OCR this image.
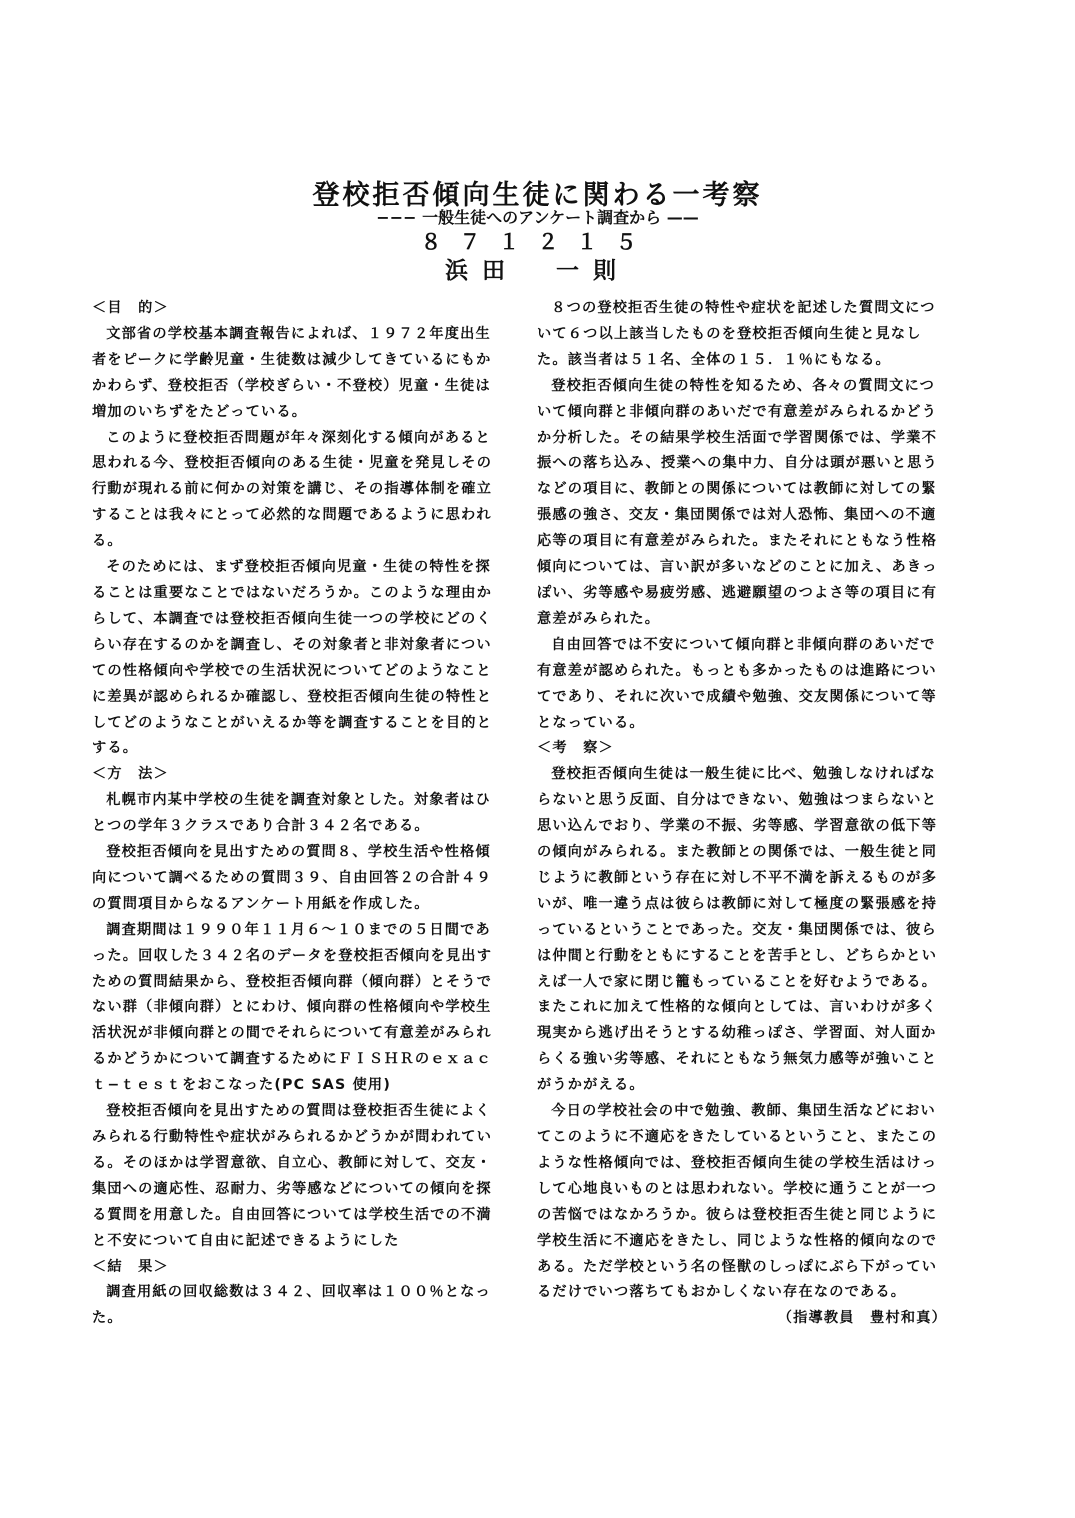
登校拒否傾向生徒に関わる一考察
−−− 一般生徒へのアンケート調査から ——
８７１２１５
浜田　一則

＜目　的＞

文部省の学校基本調査報告によれば、１９７２年度出生者をピークに学齢児童・生徒数は減少してきているにもかかわらず、登校拒否（学校ぎらい・不登校）児童・生徒は増加のいちずをたどっている。

このように登校拒否問題が年々深刻化する傾向があると思われる今、登校拒否傾向のある生徒・児童を発見しその行動が現れる前に何かの対策を講じ、その指導体制を確立することは我々にとって必然的な問題であるように思われる。

そのためには、まず登校拒否傾向児童・生徒の特性を探ることは重要なことではないだろうか。このような理由からして、本調査では登校拒否傾向生徒一つの学校にどのくらい存在するのかを調査し、その対象者と非対象者についての性格傾向や学校での生活状況についてどのようなことに差異が認められるか確認し、登校拒否傾向生徒の特性としてどのようなことがいえるか等を調査することを目的とする。

＜方　法＞

札幌市内某中学校の生徒を調査対象とした。対象者はひとつの学年３クラスであり合計３４２名である。

登校拒否傾向を見出すための質問８、学校生活や性格傾向について調べるための質問３９、自由回答２の合計４９の質問項目からなるアンケート用紙を作成した。

調査期間は１９９０年１１月６〜１０までの５日間であった。回収した３４２名のデータを登校拒否傾向を見出すための質問結果から、登校拒否傾向群（傾向群）とそうでない群（非傾向群）とにわけ、傾向群の性格傾向や学校生活状況が非傾向群との間でそれらについて有意差がみられるかどうかについて調査するためにＦＩＳＨＲのｅｘａｃｔ−ｔｅｓｔをおこなった(PC SAS 使用)

登校拒否傾向を見出すための質問は登校拒否生徒によくみられる行動特性や症状がみられるかどうかが問われている。そのほかは学習意欲、自立心、教師に対して、交友・集団への適応性、忍耐力、劣等感などについての傾向を探る質問を用意した。自由回答については学校生活での不満と不安について自由に記述できるようにした

＜結　果＞

調査用紙の回収総数は３４２、回収率は１００％となった。

８つの登校拒否生徒の特性や症状を記述した質問文について６つ以上該当したものを登校拒否傾向生徒と見なした。該当者は５１名、全体の１５．１％にもなる。

登校拒否傾向生徒の特性を知るため、各々の質問文について傾向群と非傾向群のあいだで有意差がみられるかどうか分析した。その結果学校生活面で学習関係では、学業不振への落ち込み、授業への集中力、自分は頭が悪いと思うなどの項目に、教師との関係については教師に対しての緊張感の強さ、交友・集団関係では対人恐怖、集団への不適応等の項目に有意差がみられた。またそれにともなう性格傾向については、言い訳が多いなどのことに加え、あきっぽい、劣等感や易疲労感、逃避願望のつよさ等の項目に有意差がみられた。

自由回答では不安について傾向群と非傾向群のあいだで有意差が認められた。もっとも多かったものは進路についてであり、それに次いで成績や勉強、交友関係について等となっている。

＜考　察＞

登校拒否傾向生徒は一般生徒に比べ、勉強しなければならないと思う反面、自分はできない、勉強はつまらないと思い込んでおり、学業の不振、劣等感、学習意欲の低下等の傾向がみられる。また教師との関係では、一般生徒と同じように教師という存在に対し不平不満を訴えるものが多いが、唯一違う点は彼らは教師に対して極度の緊張感を持っているということであった。交友・集団関係では、彼らは仲間と行動をともにすることを苦手とし、どちらかといえば一人で家に閉じ籠もっていることを好むようである。またこれに加えて性格的な傾向としては、言いわけが多く現実から逃げ出そうとする幼稚っぽさ、学習面、対人面からくる強い劣等感、それにともなう無気力感等が強いことがうかがえる。

今日の学校社会の中で勉強、教師、集団生活などにおいてこのように不適応をきたしているということ、またこのような性格傾向では、登校拒否傾向生徒の学校生活はけっして心地良いものとは思われない。学校に通うことが一つの苦悩ではなかろうか。彼らは登校拒否生徒と同じように学校生活に不適応をきたし、同じような性格的傾向なのである。ただ学校という名の怪獣のしっぽにぶら下がっているだけでいつ落ちてもおかしくない存在なのである。

（指導教員　豊村和真）
